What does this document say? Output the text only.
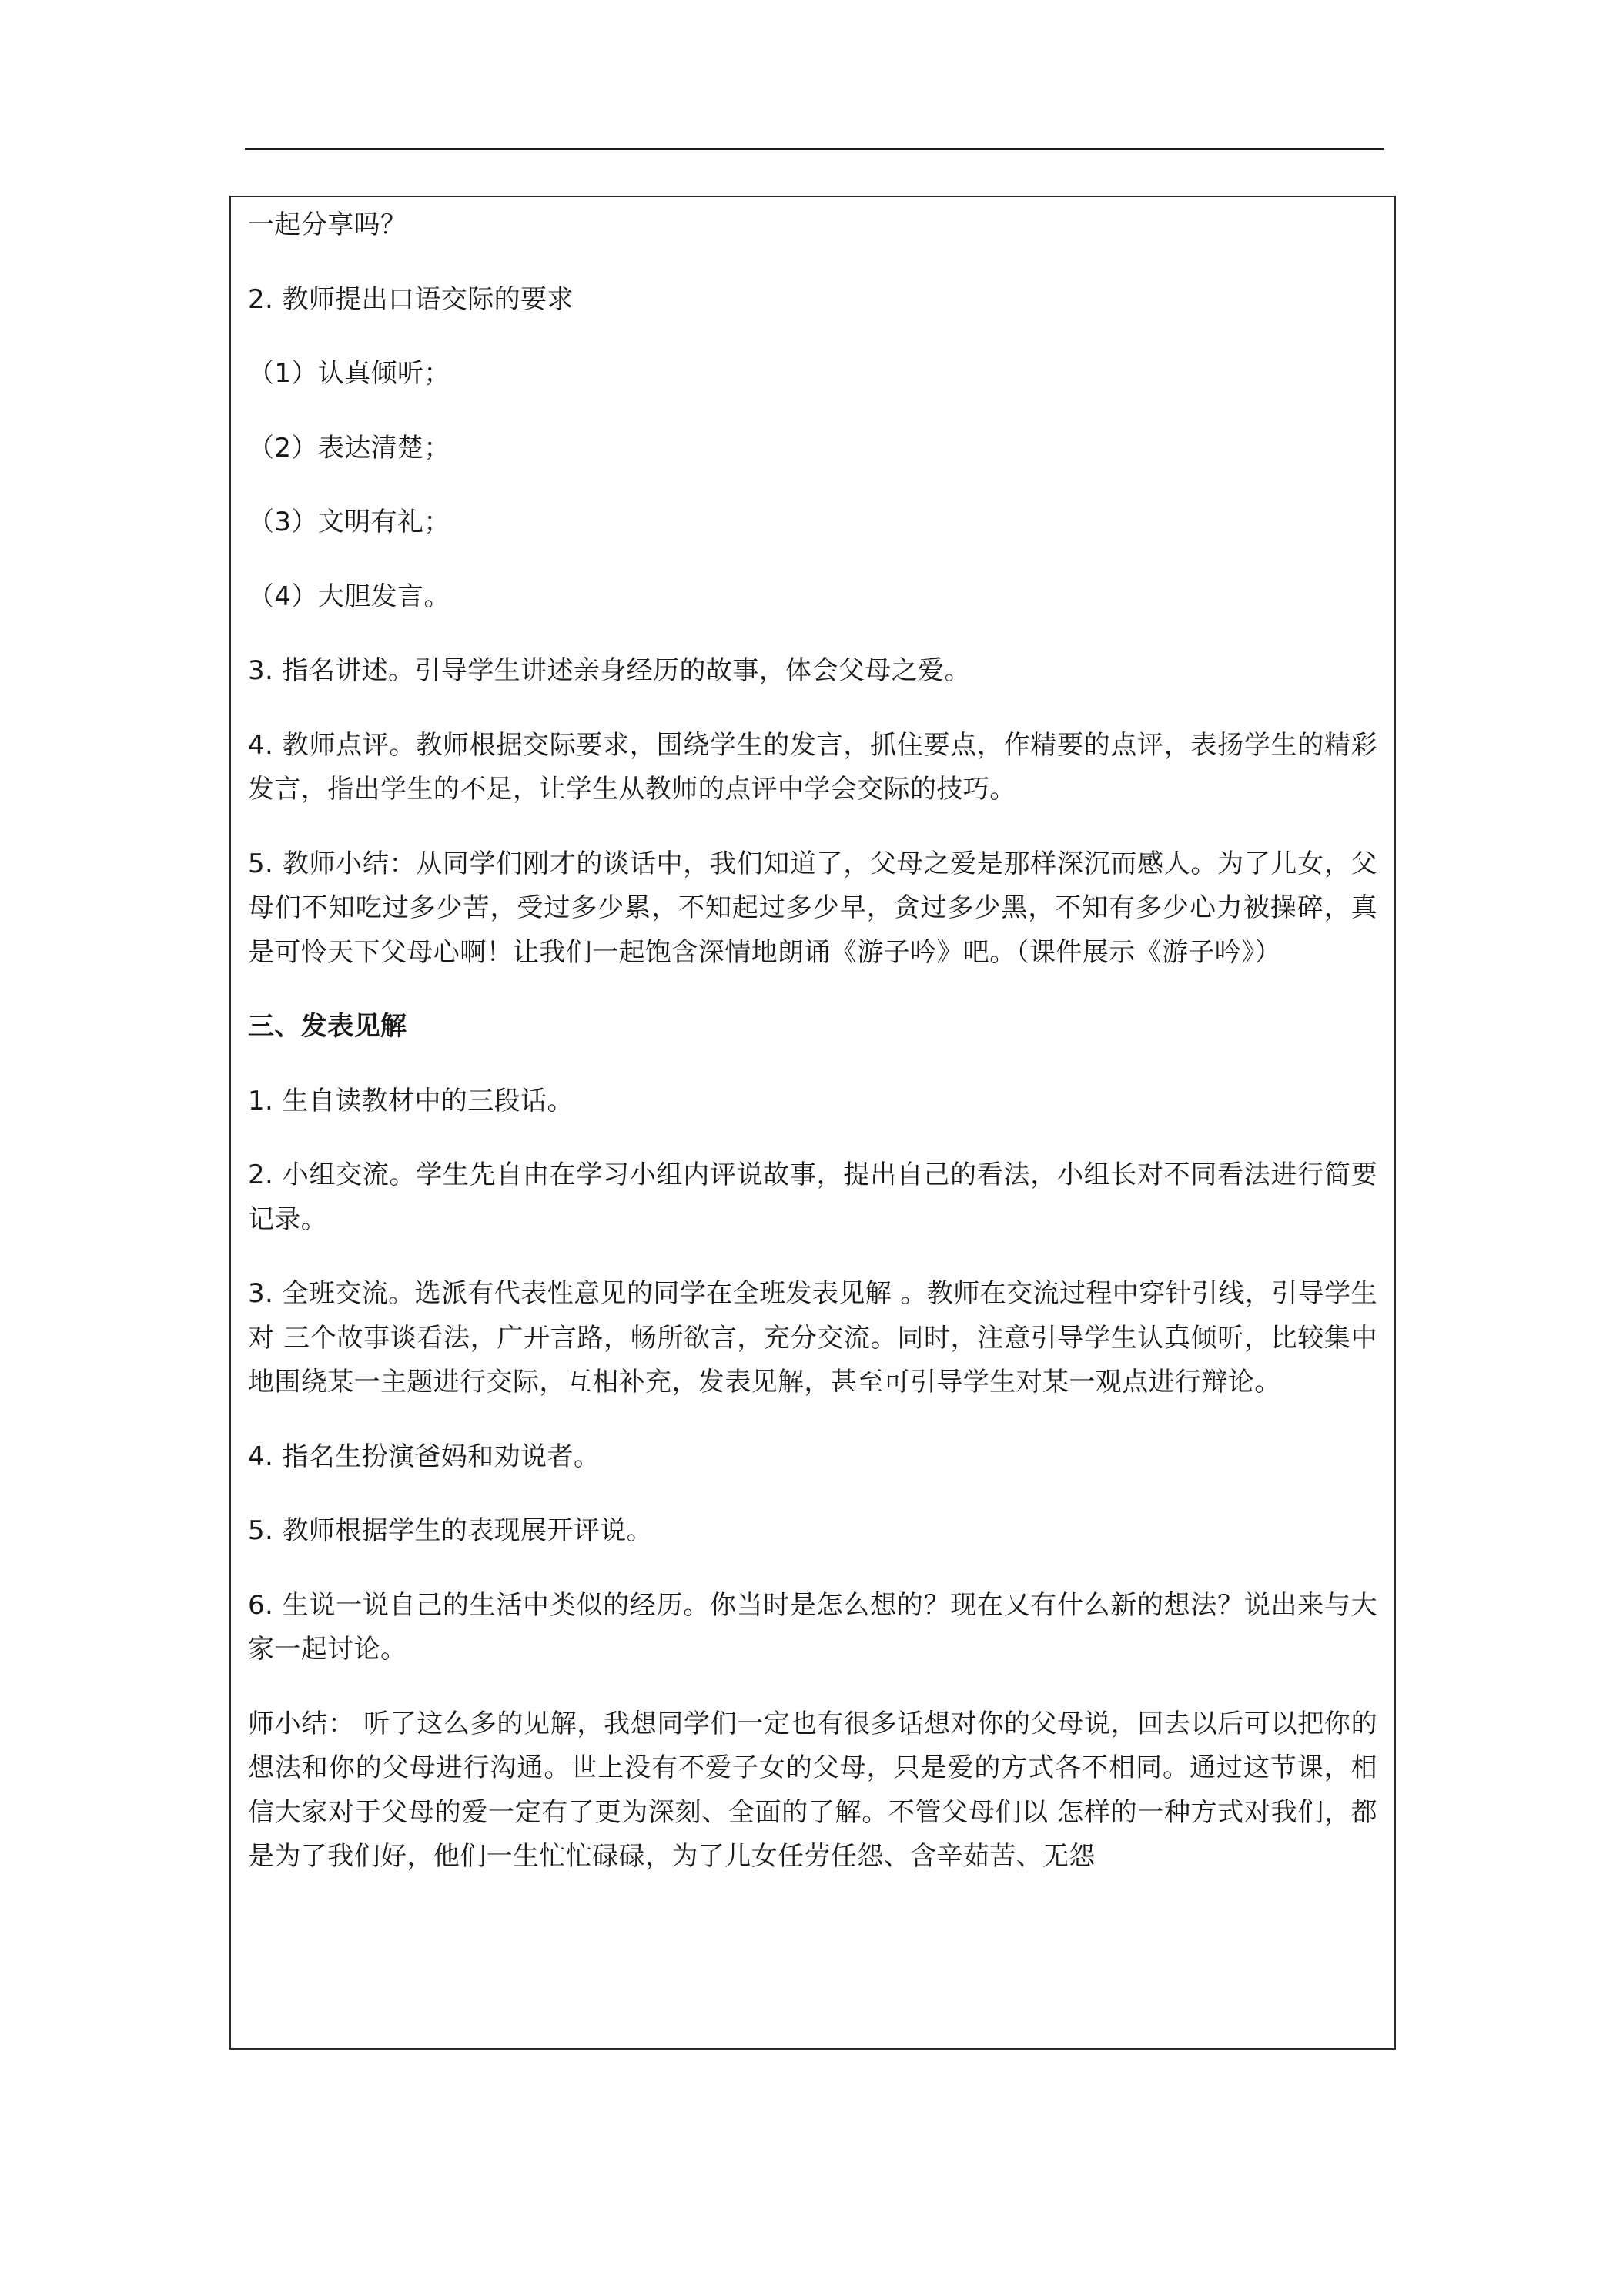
一起分享吗？

2. 教师提出口语交际的要求

（1）认真倾听；

（2）表达清楚；

（3）文明有礼；

（4）大胆发言。

3. 指名讲述。引导学生讲述亲身经历的故事，体会父母之爱。

4. 教师点评。教师根据交际要求，围绕学生的发言，抓住要点，作精要的点评，表扬学生的精彩发言，指出学生的不足，让学生从教师的点评中学会交际的技巧。

5. 教师小结：从同学们刚才的谈话中，我们知道了，父母之爱是那样深沉而感人。为了儿女，父母们不知吃过多少苦，受过多少累，不知起过多少早，贪过多少黑，不知有多少心力被操碎，真是可怜天下父母心啊！让我们一起饱含深情地朗诵《游子吟》吧。（课件展示《游子吟》）

三、发表见解

1. 生自读教材中的三段话。

2. 小组交流。学生先自由在学习小组内评说故事，提出自己的看法，小组长对不同看法进行简要记录。

3. 全班交流。选派有代表性意见的同学在全班发表见解 。教师在交流过程中穿针引线，引导学生对 三个故事谈看法，广开言路，畅所欲言，充分交流。同时，注意引导学生认真倾听，比较集中地围绕某一主题进行交际，互相补充，发表见解，甚至可引导学生对某一观点进行辩论。

4. 指名生扮演爸妈和劝说者。

5. 教师根据学生的表现展开评说。

6. 生说一说自己的生活中类似的经历。你当时是怎么想的？现在又有什么新的想法？说出来与大家一起讨论。

师小结： 听了这么多的见解，我想同学们一定也有很多话想对你的父母说，回去以后可以把你的想法和你的父母进行沟通。世上没有不爱子女的父母，只是爱的方式各不相同。通过这节课，相信大家对于父母的爱一定有了更为深刻、全面的了解。不管父母们以 怎样的一种方式对我们，都是为了我们好，他们一生忙忙碌碌，为了儿女任劳任怨、含辛茹苦、无怨
